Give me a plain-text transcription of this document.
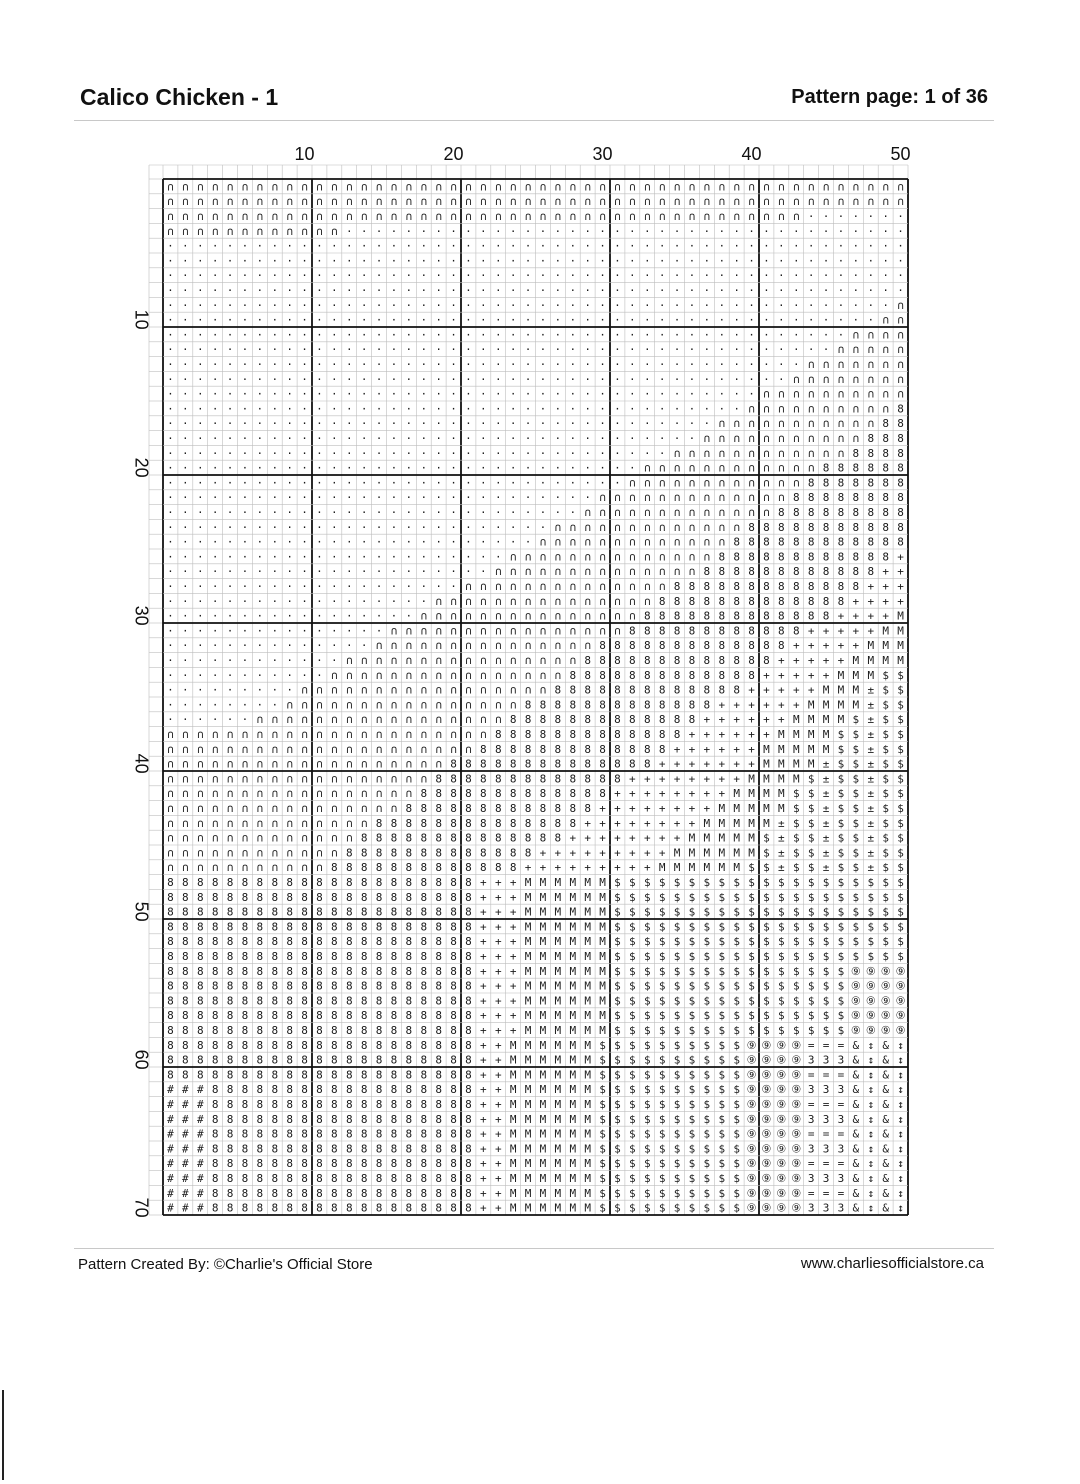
Calico Chicken - 1	Pattern page: 1 of 36
10	20	30	40	50
10
20
30
40
50
60
70
∩ ∩ ∩ ∩ ∩ ∩ ∩ ∩ ∩ ∩ ∩ ∩ ∩ ∩ ∩ ∩ ∩ ∩ ∩ ∩ ∩ ∩ ∩ ∩ ∩ ∩ ∩ ∩ ∩ ∩ ∩ ∩ ∩ ∩ ∩ ∩ ∩ ∩ ∩ ∩ ∩ ∩ ∩ ∩ ∩ ∩ ∩ ∩ ∩ ∩
∩ ∩ ∩ ∩ ∩ ∩ ∩ ∩ ∩ ∩ ∩ ∩ ∩ ∩ ∩ ∩ ∩ ∩ ∩ ∩ ∩ ∩ ∩ ∩ ∩ ∩ ∩ ∩ ∩ ∩ ∩ ∩ ∩ ∩ ∩ ∩ ∩ ∩ ∩ ∩ ∩ ∩ ∩ ∩ ∩ ∩ ∩ ∩ ∩ ∩
∩ ∩ ∩ ∩ ∩ ∩ ∩ ∩ ∩ ∩ ∩ ∩ ∩ ∩ ∩ ∩ ∩ ∩ ∩ ∩ ∩ ∩ ∩ ∩ ∩ ∩ ∩ ∩ ∩ ∩ ∩ ∩ ∩ ∩ ∩ ∩ ∩ ∩ ∩ ∩ ∩ ∩ ∩ · · · · · · ·
∩ ∩ ∩ ∩ ∩ ∩ ∩ ∩ ∩ ∩ ∩ ∩ · · · · · · · · · · · · · · · · · · · · · · · · · · · · · · · · · · · · · ·
· · · · · · · · · · · · · · · · · · · · · · · · · · · · · · · · · · · · · · · · · · · · · · · · · ·
· · · · · · · · · · · · · · · · · · · · · · · · · · · · · · · · · · · · · · · · · · · · · · · · · ·
· · · · · · · · · · · · · · · · · · · · · · · · · · · · · · · · · · · · · · · · · · · · · · · · · ·
· · · · · · · · · · · · · · · · · · · · · · · · · · · · · · · · · · · · · · · · · · · · · · · · · ·
· · · · · · · · · · · · · · · · · · · · · · · · · · · · · · · · · · · · · · · · · · · · · · · · · ∩
· · · · · · · · · · · · · · · · · · · · · · · · · · · · · · · · · · · · · · · · · · · · · · · · ∩ ∩
· · · · · · · · · · · · · · · · · · · · · · · · · · · · · · · · · · · · · · · · · · · · · · ∩ ∩ ∩ ∩
· · · · · · · · · · · · · · · · · · · · · · · · · · · · · · · · · · · · · · · · · · · · · ∩ ∩ ∩ ∩ ∩
· · · · · · · · · · · · · · · · · · · · · · · · · · · · · · · · · · · · · · · · · · · ∩ ∩ ∩ ∩ ∩ ∩ ∩
· · · · · · · · · · · · · · · · · · · · · · · · · · · · · · · · · · · · · · · · · · ∩ ∩ ∩ ∩ ∩ ∩ ∩ ∩
· · · · · · · · · · · · · · · · · · · · · · · · · · · · · · · · · · · · · · · · ∩ ∩ ∩ ∩ ∩ ∩ ∩ ∩ ∩ ∩
· · · · · · · · · · · · · · · · · · · · · · · · · · · · · · · · · · · · · · · ∩ ∩ ∩ ∩ ∩ ∩ ∩ ∩ ∩ ∩ 8
· · · · · · · · · · · · · · · · · · · · · · · · · · · · · · · · · · · · · ∩ ∩ ∩ ∩ ∩ ∩ ∩ ∩ ∩ ∩ ∩ 8 8
· · · · · · · · · · · · · · · · · · · · · · · · · · · · · · · · · · · · ∩ ∩ ∩ ∩ ∩ ∩ ∩ ∩ ∩ ∩ ∩ 8 8 8
· · · · · · · · · · · · · · · · · · · · · · · · · · · · · · · · · · ∩ ∩ ∩ ∩ ∩ ∩ ∩ ∩ ∩ ∩ ∩ ∩ 8 8 8 8
· · · · · · · · · · · · · · · · · · · · · · · · · · · · · · · · ∩ ∩ ∩ ∩ ∩ ∩ ∩ ∩ ∩ ∩ ∩ ∩ 8 8 8 8 8 8
· · · · · · · · · · · · · · · · · · · · · · · · · · · · · · · ∩ ∩ ∩ ∩ ∩ ∩ ∩ ∩ ∩ ∩ ∩ ∩ 8 8 8 8 8 8 8
· · · · · · · · · · · · · · · · · · · · · · · · · · · · · ∩ ∩ ∩ ∩ ∩ ∩ ∩ ∩ ∩ ∩ ∩ ∩ ∩ 8 8 8 8 8 8 8 8
· · · · · · · · · · · · · · · · · · · · · · · · · · · · ∩ ∩ ∩ ∩ ∩ ∩ ∩ ∩ ∩ ∩ ∩ ∩ ∩ 8 8 8 8 8 8 8 8 8
· · · · · · · · · · · · · · · · · · · · · · · · · · ∩ ∩ ∩ ∩ ∩ ∩ ∩ ∩ ∩ ∩ ∩ ∩ ∩ 8 8 8 8 8 8 8 8 8 8 8
· · · · · · · · · · · · · · · · · · · · · · · · · ∩ ∩ ∩ ∩ ∩ ∩ ∩ ∩ ∩ ∩ ∩ ∩ ∩ 8 8 8 8 8 8 8 8 8 8 8 8
· · · · · · · · · · · · · · · · · · · · · · · ∩ ∩ ∩ ∩ ∩ ∩ ∩ ∩ ∩ ∩ ∩ ∩ ∩ ∩ 8 8 8 8 8 8 8 8 8 8 8 8 +
· · · · · · · · · · · · · · · · · · · · · · ∩ ∩ ∩ ∩ ∩ ∩ ∩ ∩ ∩ ∩ ∩ ∩ ∩ ∩ 8 8 8 8 8 8 8 8 8 8 8 8 + +
· · · · · · · · · · · · · · · · · · · · ∩ ∩ ∩ ∩ ∩ ∩ ∩ ∩ ∩ ∩ ∩ ∩ ∩ ∩ 8 8 8 8 8 8 8 8 8 8 8 8 8 + + +
· · · · · · · · · · · · · · · · · · ∩ ∩ ∩ ∩ ∩ ∩ ∩ ∩ ∩ ∩ ∩ ∩ ∩ ∩ ∩ 8 8 8 8 8 8 8 8 8 8 8 8 8 + + + +
· · · · · · · · · · · · · · · · · ∩ ∩ ∩ ∩ ∩ ∩ ∩ ∩ ∩ ∩ ∩ ∩ ∩ ∩ ∩ 8 8 8 8 8 8 8 8 8 8 8 8 8 + + + + M
· · · · · · · · · · · · · · · ∩ ∩ ∩ ∩ ∩ ∩ ∩ ∩ ∩ ∩ ∩ ∩ ∩ ∩ ∩ ∩ 8 8 8 8 8 8 8 8 8 8 8 8 + + + + + M M
· · · · · · · · · · · · · · ∩ ∩ ∩ ∩ ∩ ∩ ∩ ∩ ∩ ∩ ∩ ∩ ∩ ∩ ∩ 8 8 8 8 8 8 8 8 8 8 8 8 8 + + + + + M M M
· · · · · · · · · · · · ∩ ∩ ∩ ∩ ∩ ∩ ∩ ∩ ∩ ∩ ∩ ∩ ∩ ∩ ∩ ∩ 8 8 8 8 8 8 8 8 8 8 8 8 8 + + + + + M M M M
· · · · · · · · · · · ∩ ∩ ∩ ∩ ∩ ∩ ∩ ∩ ∩ ∩ ∩ ∩ ∩ ∩ ∩ ∩ 8 8 8 8 8 8 8 8 8 8 8 8 8 + + + + + M M M $ $
· · · · · · · · · ∩ ∩ ∩ ∩ ∩ ∩ ∩ ∩ ∩ ∩ ∩ ∩ ∩ ∩ ∩ ∩ ∩ 8 8 8 8 8 8 8 8 8 8 8 8 8 + + + + + M M M ± $ $
· · · · · · · · ∩ ∩ ∩ ∩ ∩ ∩ ∩ ∩ ∩ ∩ ∩ ∩ ∩ ∩ ∩ ∩ 8 8 8 8 8 8 8 8 8 8 8 8 8 + + + + + + M M M M ± $ $
· · · · · · ∩ ∩ ∩ ∩ ∩ ∩ ∩ ∩ ∩ ∩ ∩ ∩ ∩ ∩ ∩ ∩ ∩ 8 8 8 8 8 8 8 8 8 8 8 8 8 + + + + + + M M M M $ ± $ $
∩ ∩ ∩ ∩ ∩ ∩ ∩ ∩ ∩ ∩ ∩ ∩ ∩ ∩ ∩ ∩ ∩ ∩ ∩ ∩ ∩ ∩ 8 8 8 8 8 8 8 8 8 8 8 8 8 + + + + + + M M M M $ $ ± $ $
∩ ∩ ∩ ∩ ∩ ∩ ∩ ∩ ∩ ∩ ∩ ∩ ∩ ∩ ∩ ∩ ∩ ∩ ∩ ∩ ∩ 8 8 8 8 8 8 8 8 8 8 8 8 8 + + + + + + M M M M M $ $ ± $ $
∩ ∩ ∩ ∩ ∩ ∩ ∩ ∩ ∩ ∩ ∩ ∩ ∩ ∩ ∩ ∩ ∩ ∩ ∩ 8 8 8 8 8 8 8 8 8 8 8 8 8 8 + + + + + + + M M M M ± $ $ ± $ $
∩ ∩ ∩ ∩ ∩ ∩ ∩ ∩ ∩ ∩ ∩ ∩ ∩ ∩ ∩ ∩ ∩ ∩ 8 8 8 8 8 8 8 8 8 8 8 8 8 + + + + + + + + M M M M $ ± $ $ ± $ $
∩ ∩ ∩ ∩ ∩ ∩ ∩ ∩ ∩ ∩ ∩ ∩ ∩ ∩ ∩ ∩ ∩ 8 8 8 8 8 8 8 8 8 8 8 8 8 + + + + + + + + M M M M $ $ ± $ $ ± $ $
∩ ∩ ∩ ∩ ∩ ∩ ∩ ∩ ∩ ∩ ∩ ∩ ∩ ∩ ∩ ∩ 8 8 8 8 8 8 8 8 8 8 8 8 8 + + + + + + + + M M M M M $ $ ± $ $ ± $ $
∩ ∩ ∩ ∩ ∩ ∩ ∩ ∩ ∩ ∩ ∩ ∩ ∩ ∩ 8 8 8 8 8 8 8 8 8 8 8 8 8 8 + + + + + + + + M M M M M ± $ $ ± $ $ ± $ $
∩ ∩ ∩ ∩ ∩ ∩ ∩ ∩ ∩ ∩ ∩ ∩ ∩ 8 8 8 8 8 8 8 8 8 8 8 8 8 8 + + + + + + + + M M M M M $ ± $ $ ± $ $ ± $ $
∩ ∩ ∩ ∩ ∩ ∩ ∩ ∩ ∩ ∩ ∩ ∩ 8 8 8 8 8 8 8 8 8 8 8 8 8 + + + + + + + + + M M M M M M $ ± $ $ ± $ $ ± $ $
∩ ∩ ∩ ∩ ∩ ∩ ∩ ∩ ∩ ∩ ∩ 8 8 8 8 8 8 8 8 8 8 8 8 8 + + + + + + + + + M M M M M M $ $ ± $ $ ± $ $ ± $ $
8 8 8 8 8 8 8 8 8 8 8 8 8 8 8 8 8 8 8 8 8 + + + M M M M M M $ $ $ $ $ $ $ $ $ $ $ $ $ $ $ $ $ $ $ $
8 8 8 8 8 8 8 8 8 8 8 8 8 8 8 8 8 8 8 8 8 + + + M M M M M M $ $ $ $ $ $ $ $ $ $ $ $ $ $ $ $ $ $ $ $
8 8 8 8 8 8 8 8 8 8 8 8 8 8 8 8 8 8 8 8 8 + + + M M M M M M $ $ $ $ $ $ $ $ $ $ $ $ $ $ $ $ $ $ $ $
8 8 8 8 8 8 8 8 8 8 8 8 8 8 8 8 8 8 8 8 8 + + + M M M M M M $ $ $ $ $ $ $ $ $ $ $ $ $ $ $ $ $ $ $ $
8 8 8 8 8 8 8 8 8 8 8 8 8 8 8 8 8 8 8 8 8 + + + M M M M M M $ $ $ $ $ $ $ $ $ $ $ $ $ $ $ $ $ $ $ $
8 8 8 8 8 8 8 8 8 8 8 8 8 8 8 8 8 8 8 8 8 + + + M M M M M M $ $ $ $ $ $ $ $ $ $ $ $ $ $ $ $ $ $ $ $
8 8 8 8 8 8 8 8 8 8 8 8 8 8 8 8 8 8 8 8 8 + + + M M M M M M $ $ $ $ $ $ $ $ $ $ $ $ $ $ $ $ ⑨ ⑨ ⑨ ⑨
8 8 8 8 8 8 8 8 8 8 8 8 8 8 8 8 8 8 8 8 8 + + + M M M M M M $ $ $ $ $ $ $ $ $ $ $ $ $ $ $ $ ⑨ ⑨ ⑨ ⑨
8 8 8 8 8 8 8 8 8 8 8 8 8 8 8 8 8 8 8 8 8 + + + M M M M M M $ $ $ $ $ $ $ $ $ $ $ $ $ $ $ $ ⑨ ⑨ ⑨ ⑨
8 8 8 8 8 8 8 8 8 8 8 8 8 8 8 8 8 8 8 8 8 + + + M M M M M M $ $ $ $ $ $ $ $ $ $ $ $ $ $ $ $ ⑨ ⑨ ⑨ ⑨
8 8 8 8 8 8 8 8 8 8 8 8 8 8 8 8 8 8 8 8 8 + + + M M M M M M $ $ $ $ $ $ $ $ $ $ $ $ $ $ $ $ ⑨ ⑨ ⑨ ⑨
8 8 8 8 8 8 8 8 8 8 8 8 8 8 8 8 8 8 8 8 8 + + M M M M M M $ $ $ $ $ $ $ $ $ $ ⑨ ⑨ ⑨ ⑨ = = = & ↕ & ↕
8 8 8 8 8 8 8 8 8 8 8 8 8 8 8 8 8 8 8 8 8 + + M M M M M M $ $ $ $ $ $ $ $ $ $ ⑨ ⑨ ⑨ ⑨ 3 3 3 & ↕ & ↕
8 8 8 8 8 8 8 8 8 8 8 8 8 8 8 8 8 8 8 8 8 + + M M M M M M $ $ $ $ $ $ $ $ $ $ ⑨ ⑨ ⑨ ⑨ = = = & ↕ & ↕
# # # 8 8 8 8 8 8 8 8 8 8 8 8 8 8 8 8 8 8 + + M M M M M M $ $ $ $ $ $ $ $ $ $ ⑨ ⑨ ⑨ ⑨ 3 3 3 & ↕ & ↕
# # # 8 8 8 8 8 8 8 8 8 8 8 8 8 8 8 8 8 8 + + M M M M M M $ $ $ $ $ $ $ $ $ $ ⑨ ⑨ ⑨ ⑨ = = = & ↕ & ↕
# # # 8 8 8 8 8 8 8 8 8 8 8 8 8 8 8 8 8 8 + + M M M M M M $ $ $ $ $ $ $ $ $ $ ⑨ ⑨ ⑨ ⑨ 3 3 3 & ↕ & ↕
# # # 8 8 8 8 8 8 8 8 8 8 8 8 8 8 8 8 8 8 + + M M M M M M $ $ $ $ $ $ $ $ $ $ ⑨ ⑨ ⑨ ⑨ = = = & ↕ & ↕
# # # 8 8 8 8 8 8 8 8 8 8 8 8 8 8 8 8 8 8 + + M M M M M M $ $ $ $ $ $ $ $ $ $ ⑨ ⑨ ⑨ ⑨ 3 3 3 & ↕ & ↕
# # # 8 8 8 8 8 8 8 8 8 8 8 8 8 8 8 8 8 8 + + M M M M M M $ $ $ $ $ $ $ $ $ $ ⑨ ⑨ ⑨ ⑨ = = = & ↕ & ↕
# # # 8 8 8 8 8 8 8 8 8 8 8 8 8 8 8 8 8 8 + + M M M M M M $ $ $ $ $ $ $ $ $ $ ⑨ ⑨ ⑨ ⑨ 3 3 3 & ↕ & ↕
# # # 8 8 8 8 8 8 8 8 8 8 8 8 8 8 8 8 8 8 + + M M M M M M $ $ $ $ $ $ $ $ $ $ ⑨ ⑨ ⑨ ⑨ = = = & ↕ & ↕
# # # 8 8 8 8 8 8 8 8 8 8 8 8 8 8 8 8 8 8 + + M M M M M M $ $ $ $ $ $ $ $ $ $ ⑨ ⑨ ⑨ ⑨ 3 3 3 & ↕ & ↕
Pattern Created By: ©Charlie's Official Store	www.charliesofficialstore.ca
